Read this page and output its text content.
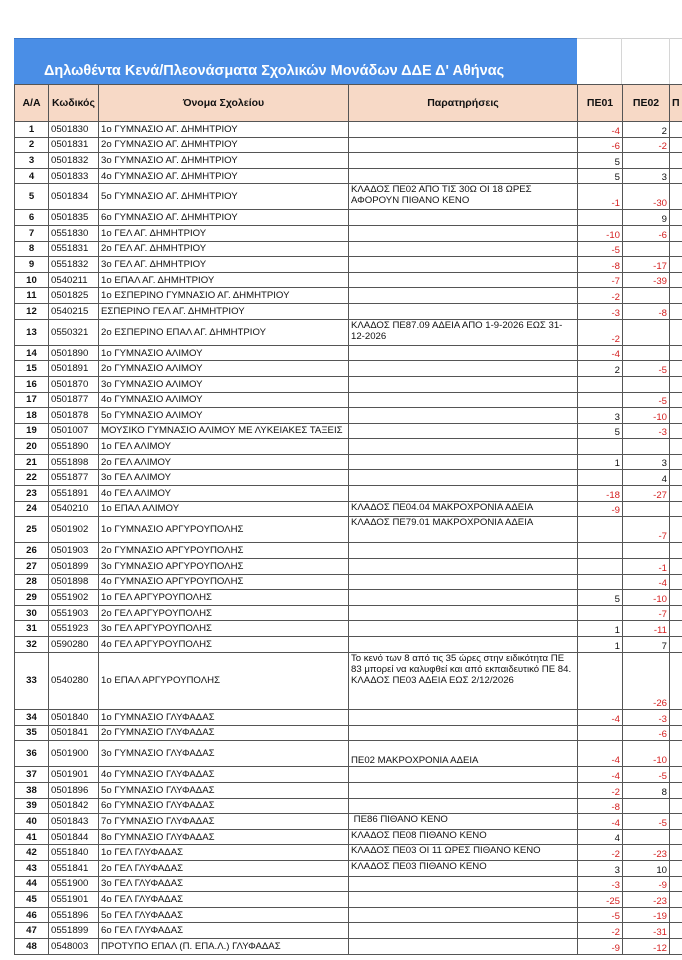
Δηλωθέντα Κενά/Πλεονάσματα Σχολικών Μονάδων ΔΔΕ Δ' Αθήνας
Α/Α	Κωδικός	Όνομα Σχολείου	Παρατηρήσεις	ΠΕ01	ΠΕ02	Π
1	0501830	1ο ΓΥΜΝΑΣΙΟ ΑΓ. ΔΗΜΗΤΡΙΟΥ		-4	2	
2	0501831	2ο ΓΥΜΝΑΣΙΟ ΑΓ. ΔΗΜΗΤΡΙΟΥ		-6	-2	
3	0501832	3ο ΓΥΜΝΑΣΙΟ ΑΓ. ΔΗΜΗΤΡΙΟΥ		5		
4	0501833	4ο ΓΥΜΝΑΣΙΟ ΑΓ. ΔΗΜΗΤΡΙΟΥ		5	3	
5	0501834	5ο ΓΥΜΝΑΣΙΟ ΑΓ. ΔΗΜΗΤΡΙΟΥ	ΚΛΑΔΟΣ ΠΕ02 ΑΠΟ ΤΙΣ 30Ω ΟΙ 18 ΩΡΕΣ ΑΦΟΡΟΥΝ ΠΙΘΑΝΟ ΚΕΝΟ	-1	-30	
6	0501835	6ο ΓΥΜΝΑΣΙΟ ΑΓ. ΔΗΜΗΤΡΙΟΥ			9	
7	0551830	1ο ΓΕΛ ΑΓ. ΔΗΜΗΤΡΙΟΥ		-10	-6	
8	0551831	2ο ΓΕΛ ΑΓ. ΔΗΜΗΤΡΙΟΥ		-5		
9	0551832	3ο ΓΕΛ ΑΓ. ΔΗΜΗΤΡΙΟΥ		-8	-17	
10	0540211	1ο ΕΠΑΛ ΑΓ. ΔΗΜΗΤΡΙΟΥ		-7	-39	
11	0501825	1ο ΕΣΠΕΡΙΝΟ ΓΥΜΝΑΣΙΟ ΑΓ. ΔΗΜΗΤΡΙΟΥ		-2		
12	0540215	ΕΣΠΕΡΙΝΟ ΓΕΛ ΑΓ. ΔΗΜΗΤΡΙΟΥ		-3	-8	
13	0550321	2ο ΕΣΠΕΡΙΝΟ ΕΠΑΛ ΑΓ. ΔΗΜΗΤΡΙΟΥ	ΚΛΑΔΟΣ ΠΕ87.09 ΑΔΕΙΑ ΑΠΟ 1-9-2026 ΕΩΣ 31-12-2026	-2		
14	0501890	1ο ΓΥΜΝΑΣΙΟ ΑΛΙΜΟΥ		-4		
15	0501891	2ο ΓΥΜΝΑΣΙΟ ΑΛΙΜΟΥ		2	-5	
16	0501870	3ο ΓΥΜΝΑΣΙΟ ΑΛΙΜΟΥ				
17	0501877	4ο ΓΥΜΝΑΣΙΟ ΑΛΙΜΟΥ			-5	
18	0501878	5ο ΓΥΜΝΑΣΙΟ ΑΛΙΜΟΥ		3	-10	
19	0501007	ΜΟΥΣΙΚΟ ΓΥΜΝΑΣΙΟ ΑΛΙΜΟΥ ΜΕ ΛΥΚΕΙΑΚΕΣ ΤΑΞΕΙΣ		5	-3	
20	0551890	1ο ΓΕΛ ΑΛΙΜΟΥ				
21	0551898	2ο ΓΕΛ ΑΛΙΜΟΥ		1	3	
22	0551877	3ο ΓΕΛ ΑΛΙΜΟΥ			4	
23	0551891	4ο ΓΕΛ ΑΛΙΜΟΥ		-18	-27	
24	0540210	1ο ΕΠΑΛ ΑΛΙΜΟΥ	ΚΛΑΔΟΣ ΠΕ04.04 ΜΑΚΡΟΧΡΟΝΙΑ ΑΔΕΙΑ	-9		
25	0501902	1ο ΓΥΜΝΑΣΙΟ ΑΡΓΥΡΟΥΠΟΛΗΣ	ΚΛΑΔΟΣ ΠΕ79.01 ΜΑΚΡΟΧΡΟΝΙΑ ΑΔΕΙΑ		-7	
26	0501903	2ο ΓΥΜΝΑΣΙΟ ΑΡΓΥΡΟΥΠΟΛΗΣ				
27	0501899	3ο ΓΥΜΝΑΣΙΟ ΑΡΓΥΡΟΥΠΟΛΗΣ			-1	
28	0501898	4ο ΓΥΜΝΑΣΙΟ ΑΡΓΥΡΟΥΠΟΛΗΣ			-4	
29	0551902	1ο ΓΕΛ ΑΡΓΥΡΟΥΠΟΛΗΣ		5	-10	
30	0551903	2ο ΓΕΛ ΑΡΓΥΡΟΥΠΟΛΗΣ			-7	
31	0551923	3ο ΓΕΛ ΑΡΓΥΡΟΥΠΟΛΗΣ		1	-11	
32	0590280	4ο ΓΕΛ ΑΡΓΥΡΟΥΠΟΛΗΣ		1	7	
33	0540280	1ο ΕΠΑΛ ΑΡΓΥΡΟΥΠΟΛΗΣ	Το κενό των 8 από τις 35 ώρες στην ειδικότητα ΠΕ 83 μπορεί να καλυφθεί και από εκπαιδευτικό ΠΕ 84.
ΚΛΑΔΟΣ ΠΕ03 ΑΔΕΙΑ ΕΩΣ 2/12/2026		-26	
34	0501840	1ο ΓΥΜΝΑΣΙΟ ΓΛΥΦΑΔΑΣ		-4	-3	
35	0501841	2ο ΓΥΜΝΑΣΙΟ ΓΛΥΦΑΔΑΣ			-6	
36	0501900	3ο ΓΥΜΝΑΣΙΟ ΓΛΥΦΑΔΑΣ	ΠΕ02 ΜΑΚΡΟΧΡΟΝΙΑ ΑΔΕΙΑ	-4	-10	
37	0501901	4ο ΓΥΜΝΑΣΙΟ ΓΛΥΦΑΔΑΣ		-4	-5	
38	0501896	5ο ΓΥΜΝΑΣΙΟ ΓΛΥΦΑΔΑΣ		-2	8	
39	0501842	6ο ΓΥΜΝΑΣΙΟ ΓΛΥΦΑΔΑΣ		-8		
40	0501843	7ο ΓΥΜΝΑΣΙΟ ΓΛΥΦΑΔΑΣ	ΠΕ86 ΠΙΘΑΝΟ ΚΕΝΟ	-4	-5	
41	0501844	8ο ΓΥΜΝΑΣΙΟ ΓΛΥΦΑΔΑΣ	ΚΛΑΔΟΣ ΠΕ08 ΠΙΘΑΝΟ ΚΕΝΟ	4		
42	0551840	1ο ΓΕΛ ΓΛΥΦΑΔΑΣ	ΚΛΑΔΟΣ ΠΕ03 ΟΙ 11 ΩΡΕΣ ΠΙΘΑΝΟ ΚΕΝΟ	-2	-23	
43	0551841	2ο ΓΕΛ ΓΛΥΦΑΔΑΣ	ΚΛΑΔΟΣ ΠΕ03 ΠΙΘΑΝΟ ΚΕΝΟ	3	10	
44	0551900	3ο ΓΕΛ ΓΛΥΦΑΔΑΣ		-3	-9	
45	0551901	4ο ΓΕΛ ΓΛΥΦΑΔΑΣ		-25	-23	
46	0551896	5ο ΓΕΛ ΓΛΥΦΑΔΑΣ		-5	-19	
47	0551899	6ο ΓΕΛ ΓΛΥΦΑΔΑΣ		-2	-31	
48	0548003	ΠΡΟΤΥΠΟ ΕΠΑΛ (Π. ΕΠΑ.Λ.) ΓΛΥΦΑΔΑΣ		-9	-12	
